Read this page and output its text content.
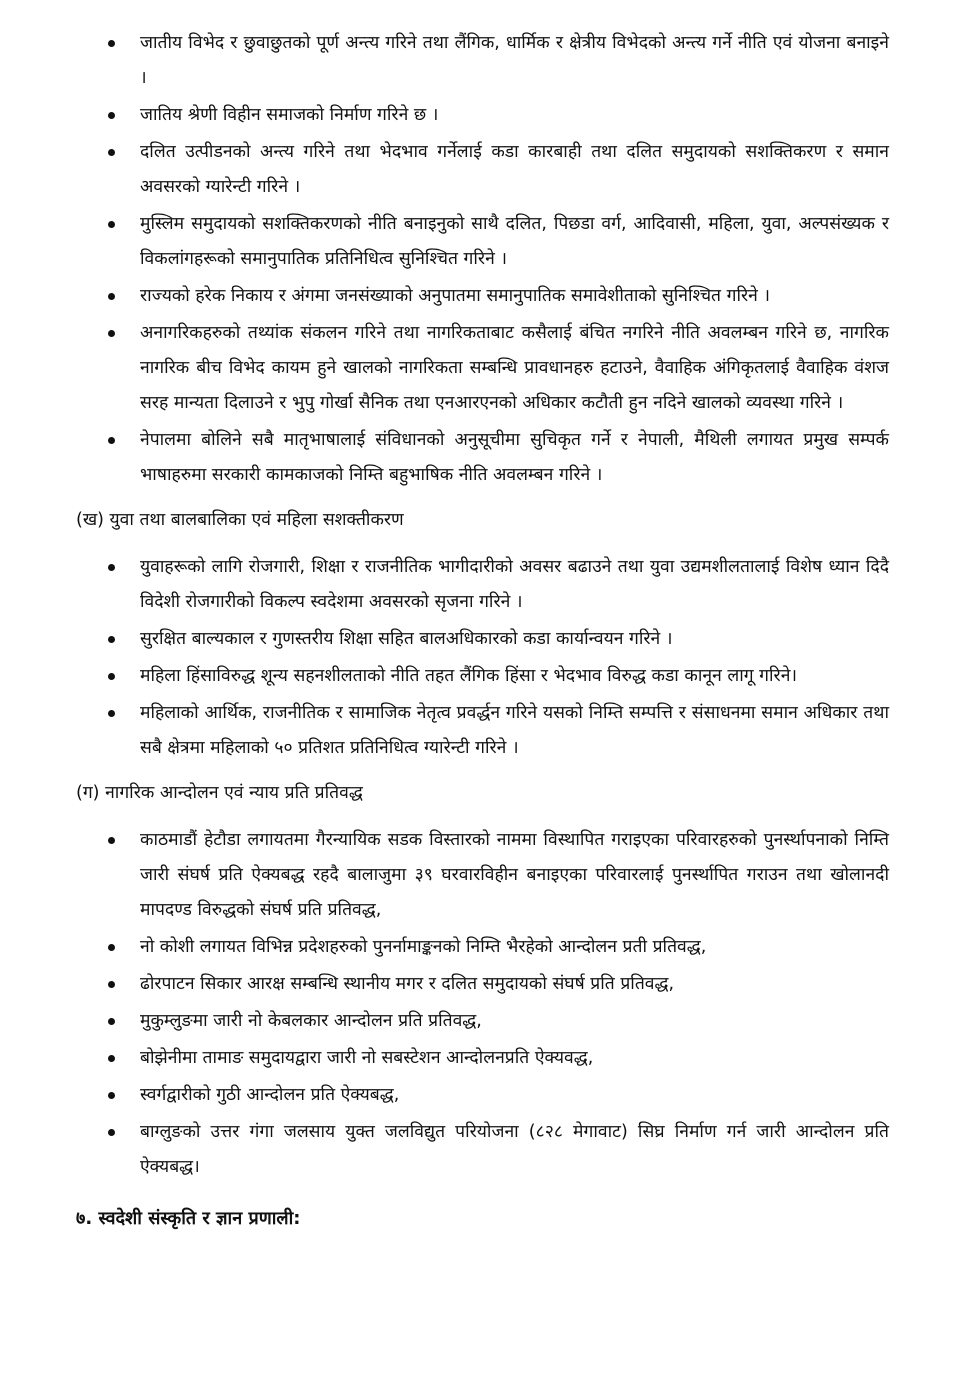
जातीय विभेद र छुवाछुतको पूर्ण अन्त्य गरिने तथा लैंगिक, धार्मिक र क्षेत्रीय विभेदको अन्त्य गर्ने नीति एवं योजना बनाइने ।
जातिय श्रेणी विहीन समाजको निर्माण गरिने छ ।
दलित उत्पीडनको अन्त्य गरिने तथा भेदभाव गर्नेलाई कडा कारबाही तथा दलित समुदायको सशक्तिकरण र समान अवसरको ग्यारेन्टी गरिने ।
मुस्लिम समुदायको सशक्तिकरणको नीति बनाइनुको साथै दलित, पिछडा वर्ग, आदिवासी, महिला, युवा, अल्पसंख्यक र विकलांगहरूको समानुपातिक प्रतिनिधित्व सुनिश्चित गरिने ।
राज्यको हरेक निकाय र अंगमा जनसंख्याको अनुपातमा समानुपातिक समावेशीताको सुनिश्चित गरिने ।
अनागरिकहरुको तथ्यांक संकलन गरिने तथा नागरिकताबाट कसैलाई बंचित नगरिने नीति अवलम्बन गरिने छ, नागरिक नागरिक बीच विभेद कायम हुने खालको नागरिकता सम्बन्धि प्रावधानहरु हटाउने, वैवाहिक अंगिकृतलाई वैवाहिक वंशज सरह मान्यता दिलाउने र भुपु गोर्खा सैनिक तथा एनआरएनको अधिकार कटौती हुन नदिने खालको व्यवस्था गरिने ।
नेपालमा बोलिने सबै मातृभाषालाई संविधानको अनुसूचीमा सुचिकृत गर्ने र नेपाली, मैथिली लगायत प्रमुख सम्पर्क भाषाहरुमा सरकारी कामकाजको निम्ति बहुभाषिक नीति अवलम्बन गरिने ।
(ख) युवा तथा बालबालिका एवं महिला सशक्तीकरण
युवाहरूको लागि रोजगारी, शिक्षा र राजनीतिक भागीदारीको अवसर बढाउने तथा युवा उद्यमशीलतालाई विशेष ध्यान दिदै विदेशी रोजगारीको विकल्प स्वदेशमा अवसरको सृजना गरिने ।
सुरक्षित बाल्यकाल र गुणस्तरीय शिक्षा सहित बालअधिकारको कडा कार्यान्वयन गरिने ।
महिला हिंसाविरुद्ध शून्य सहनशीलताको नीति तहत लैंगिक हिंसा र भेदभाव विरुद्ध कडा कानून लागू गरिने।
महिलाको आर्थिक, राजनीतिक र सामाजिक नेतृत्व प्रवर्द्धन गरिने यसको निम्ति सम्पत्ति र संसाधनमा समान अधिकार तथा सबै क्षेत्रमा महिलाको ५० प्रतिशत प्रतिनिधित्व ग्यारेन्टी गरिने ।
(ग) नागरिक आन्दोलन एवं न्याय प्रति प्रतिवद्ध
काठमाडौं हेटौडा लगायतमा गैरन्यायिक सडक विस्तारको नाममा विस्थापित गराइएका परिवारहरुको पुनर्स्थापनाको निम्ति जारी संघर्ष प्रति ऐक्यबद्ध रहदै बालाजुमा ३९ घरवारविहीन बनाइएका परिवारलाई पुनर्स्थापित गराउन तथा खोलानदी मापदण्ड विरुद्धको संघर्ष प्रति प्रतिवद्ध,
नो कोशी लगायत विभिन्न प्रदेशहरुको पुनर्नामाङ्कनको निम्ति भैरहेको आन्दोलन प्रती प्रतिवद्ध,
ढोरपाटन सिकार आरक्ष सम्बन्धि स्थानीय मगर र दलित समुदायको संघर्ष प्रति प्रतिवद्ध,
मुकुम्लुङमा जारी नो केबलकार आन्दोलन प्रति प्रतिवद्ध,
बोझेनीमा तामाङ समुदायद्वारा जारी नो सबस्टेशन आन्दोलनप्रति ऐक्यवद्ध,
स्वर्गद्वारीको गुठी आन्दोलन प्रति ऐक्यबद्ध,
बाग्लुङको उत्तर गंगा जलसाय युक्त जलविद्युत परियोजना (८२८ मेगावाट) सिघ्र निर्माण गर्न जारी आन्दोलन प्रति ऐक्यबद्ध।
७. स्वदेशी संस्कृति र ज्ञान प्रणाली:
